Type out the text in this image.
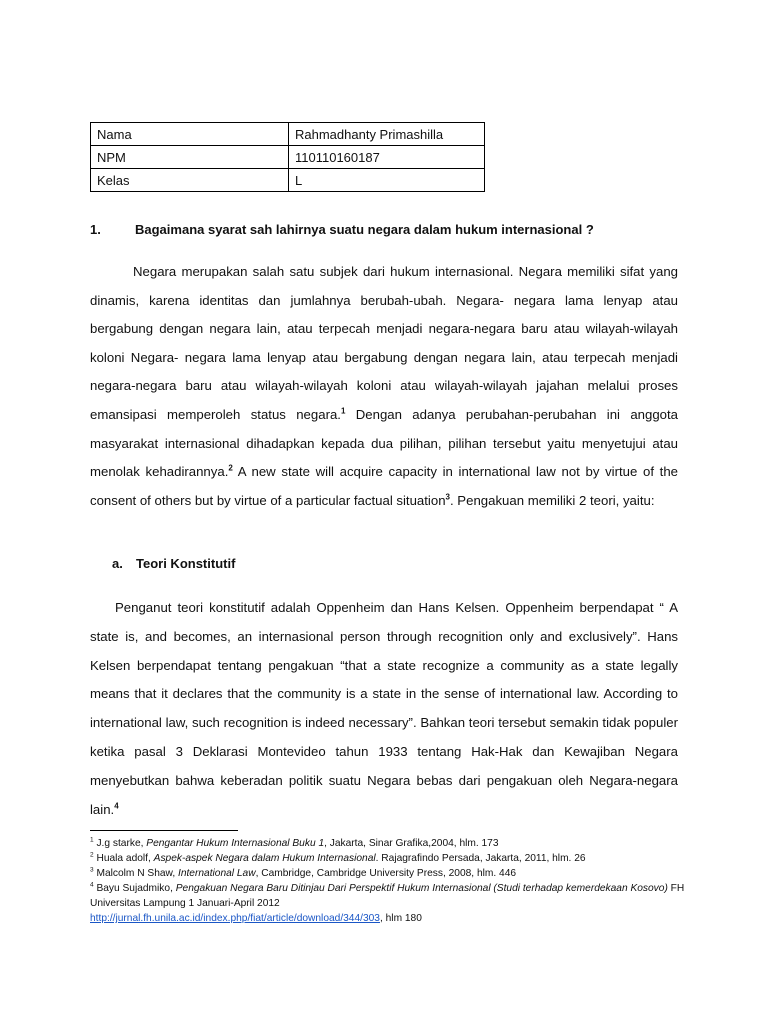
Nama	Rahmadhanty Primashilla
NPM	110110160187
Kelas	L
1.	Bagaimana syarat sah lahirnya suatu negara dalam hukum internasional ?

Negara merupakan salah satu subjek dari hukum internasional. Negara memiliki sifat yang dinamis, karena identitas dan jumlahnya berubah-ubah. Negara- negara lama lenyap atau bergabung dengan negara lain, atau terpecah menjadi negara-negara baru atau wilayah-wilayah koloni Negara- negara lama lenyap atau bergabung dengan negara lain, atau terpecah menjadi negara-negara baru atau wilayah-wilayah koloni atau wilayah-wilayah jajahan melalui proses emansipasi memperoleh status negara.$^1$ Dengan adanya perubahan-perubahan ini anggota masyarakat internasional dihadapkan kepada dua pilihan, pilihan tersebut yaitu menyetujui atau menolak kehadirannya.$^2$ A new state will acquire capacity in international law not by virtue of the consent of others but by virtue of a particular factual situation$^3$. Pengakuan memiliki 2 teori, yaitu:

a. Teori Konstitutif

Penganut teori konstitutif adalah Oppenheim dan Hans Kelsen. Oppenheim berpendapat “ A state is, and becomes, an internasional person through recognition only and exclusively”. Hans Kelsen berpendapat tentang pengakuan “that a state recognize a community as a state legally means that it declares that the community is a state in the sense of international law. According to international law, such recognition is indeed necessary”. Bahkan teori tersebut semakin tidak populer ketika pasal 3 Deklarasi Montevideo tahun 1933 tentang Hak-Hak dan Kewajiban Negara menyebutkan bahwa keberadan politik suatu Negara bebas dari pengakuan oleh Negara-negara lain.$^4$

$^1$ J.g starke, Pengantar Hukum Internasional Buku 1, Jakarta, Sinar Grafika,2004, hlm. 173

$^2$ Huala adolf, Aspek-aspek Negara dalam Hukum Internasional. Rajagrafindo Persada, Jakarta, 2011, hlm. 26

$^3$ Malcolm N Shaw, International Law, Cambridge, Cambridge University Press, 2008, hlm. 446

$^4$ Bayu Sujadmiko, Pengakuan Negara Baru Ditinjau Dari Perspektif Hukum Internasional (Studi terhadap kemerdekaan Kosovo) FH Universitas Lampung 1 Januari-April 2012
http://jurnal.fh.unila.ac.id/index.php/fiat/article/download/344/303, hlm 180
